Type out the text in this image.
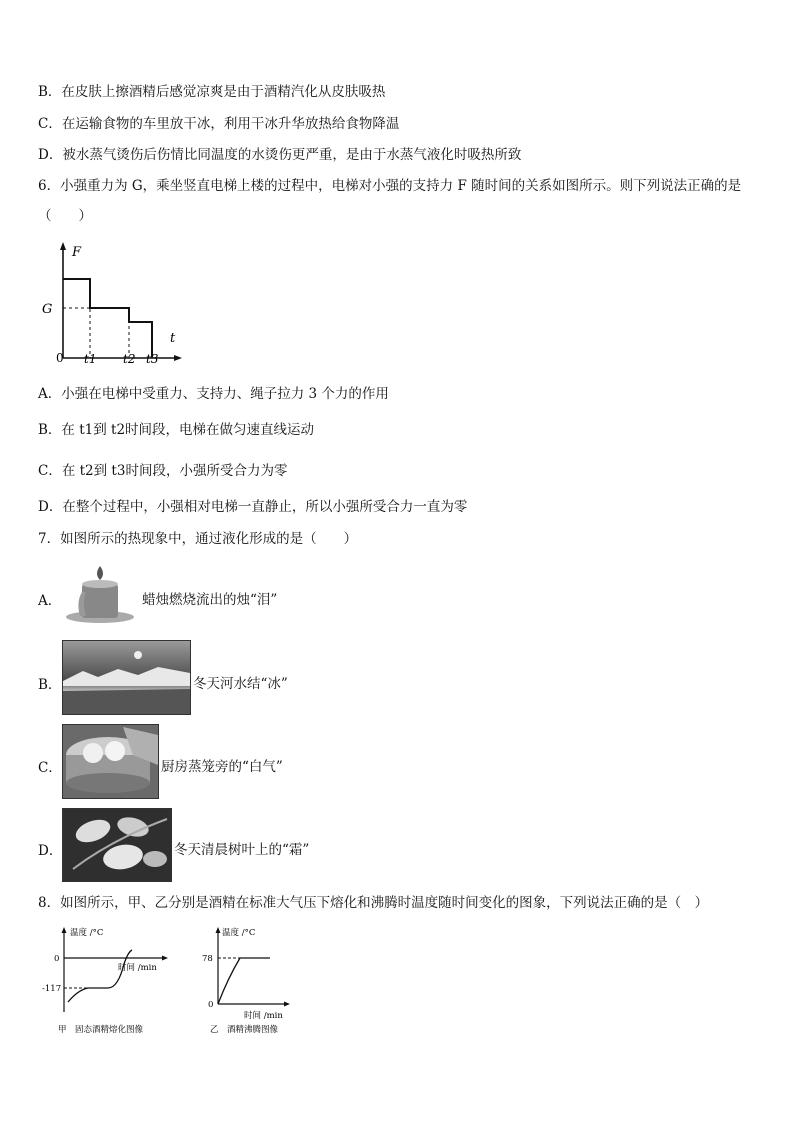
B．在皮肤上擦酒精后感觉凉爽是由于酒精汽化从皮肤吸热
C．在运输食物的车里放干冰，利用干冰升华放热给食物降温
D．被水蒸气烫伤后伤情比同温度的水烫伤更严重，是由于水蒸气液化时吸热所致
6．小强重力为 G，乘坐竖直电梯上楼的过程中，电梯对小强的支持力 F 随时间的关系如图所示。则下列说法正确的是
（　　）
F
t
G
0 t1 t2 t3
A．小强在电梯中受重力、支持力、绳子拉力 3 个力的作用
B．在 t1到 t2时间段，电梯在做匀速直线运动
C．在 t2到 t3时间段，小强所受合力为零
D．在整个过程中，小强相对电梯一直静止，所以小强所受合力一直为零
7．如图所示的热现象中，通过液化形成的是（　　）
A．	蜡烛燃烧流出的烛“泪”
B．	冬天河水结“冰”
C．	厨房蒸笼旁的“白气”
D．	冬天清晨树叶上的“霜”
8．如图所示，甲、乙分别是酒精在标准大气压下熔化和沸腾时温度随时间变化的图象，下列说法正确的是（　）
温度 /°C
时间 /min
0
-117
甲　固态酒精熔化图像
温度 /°C
时间 /min
78
0
乙　酒精沸腾图像
